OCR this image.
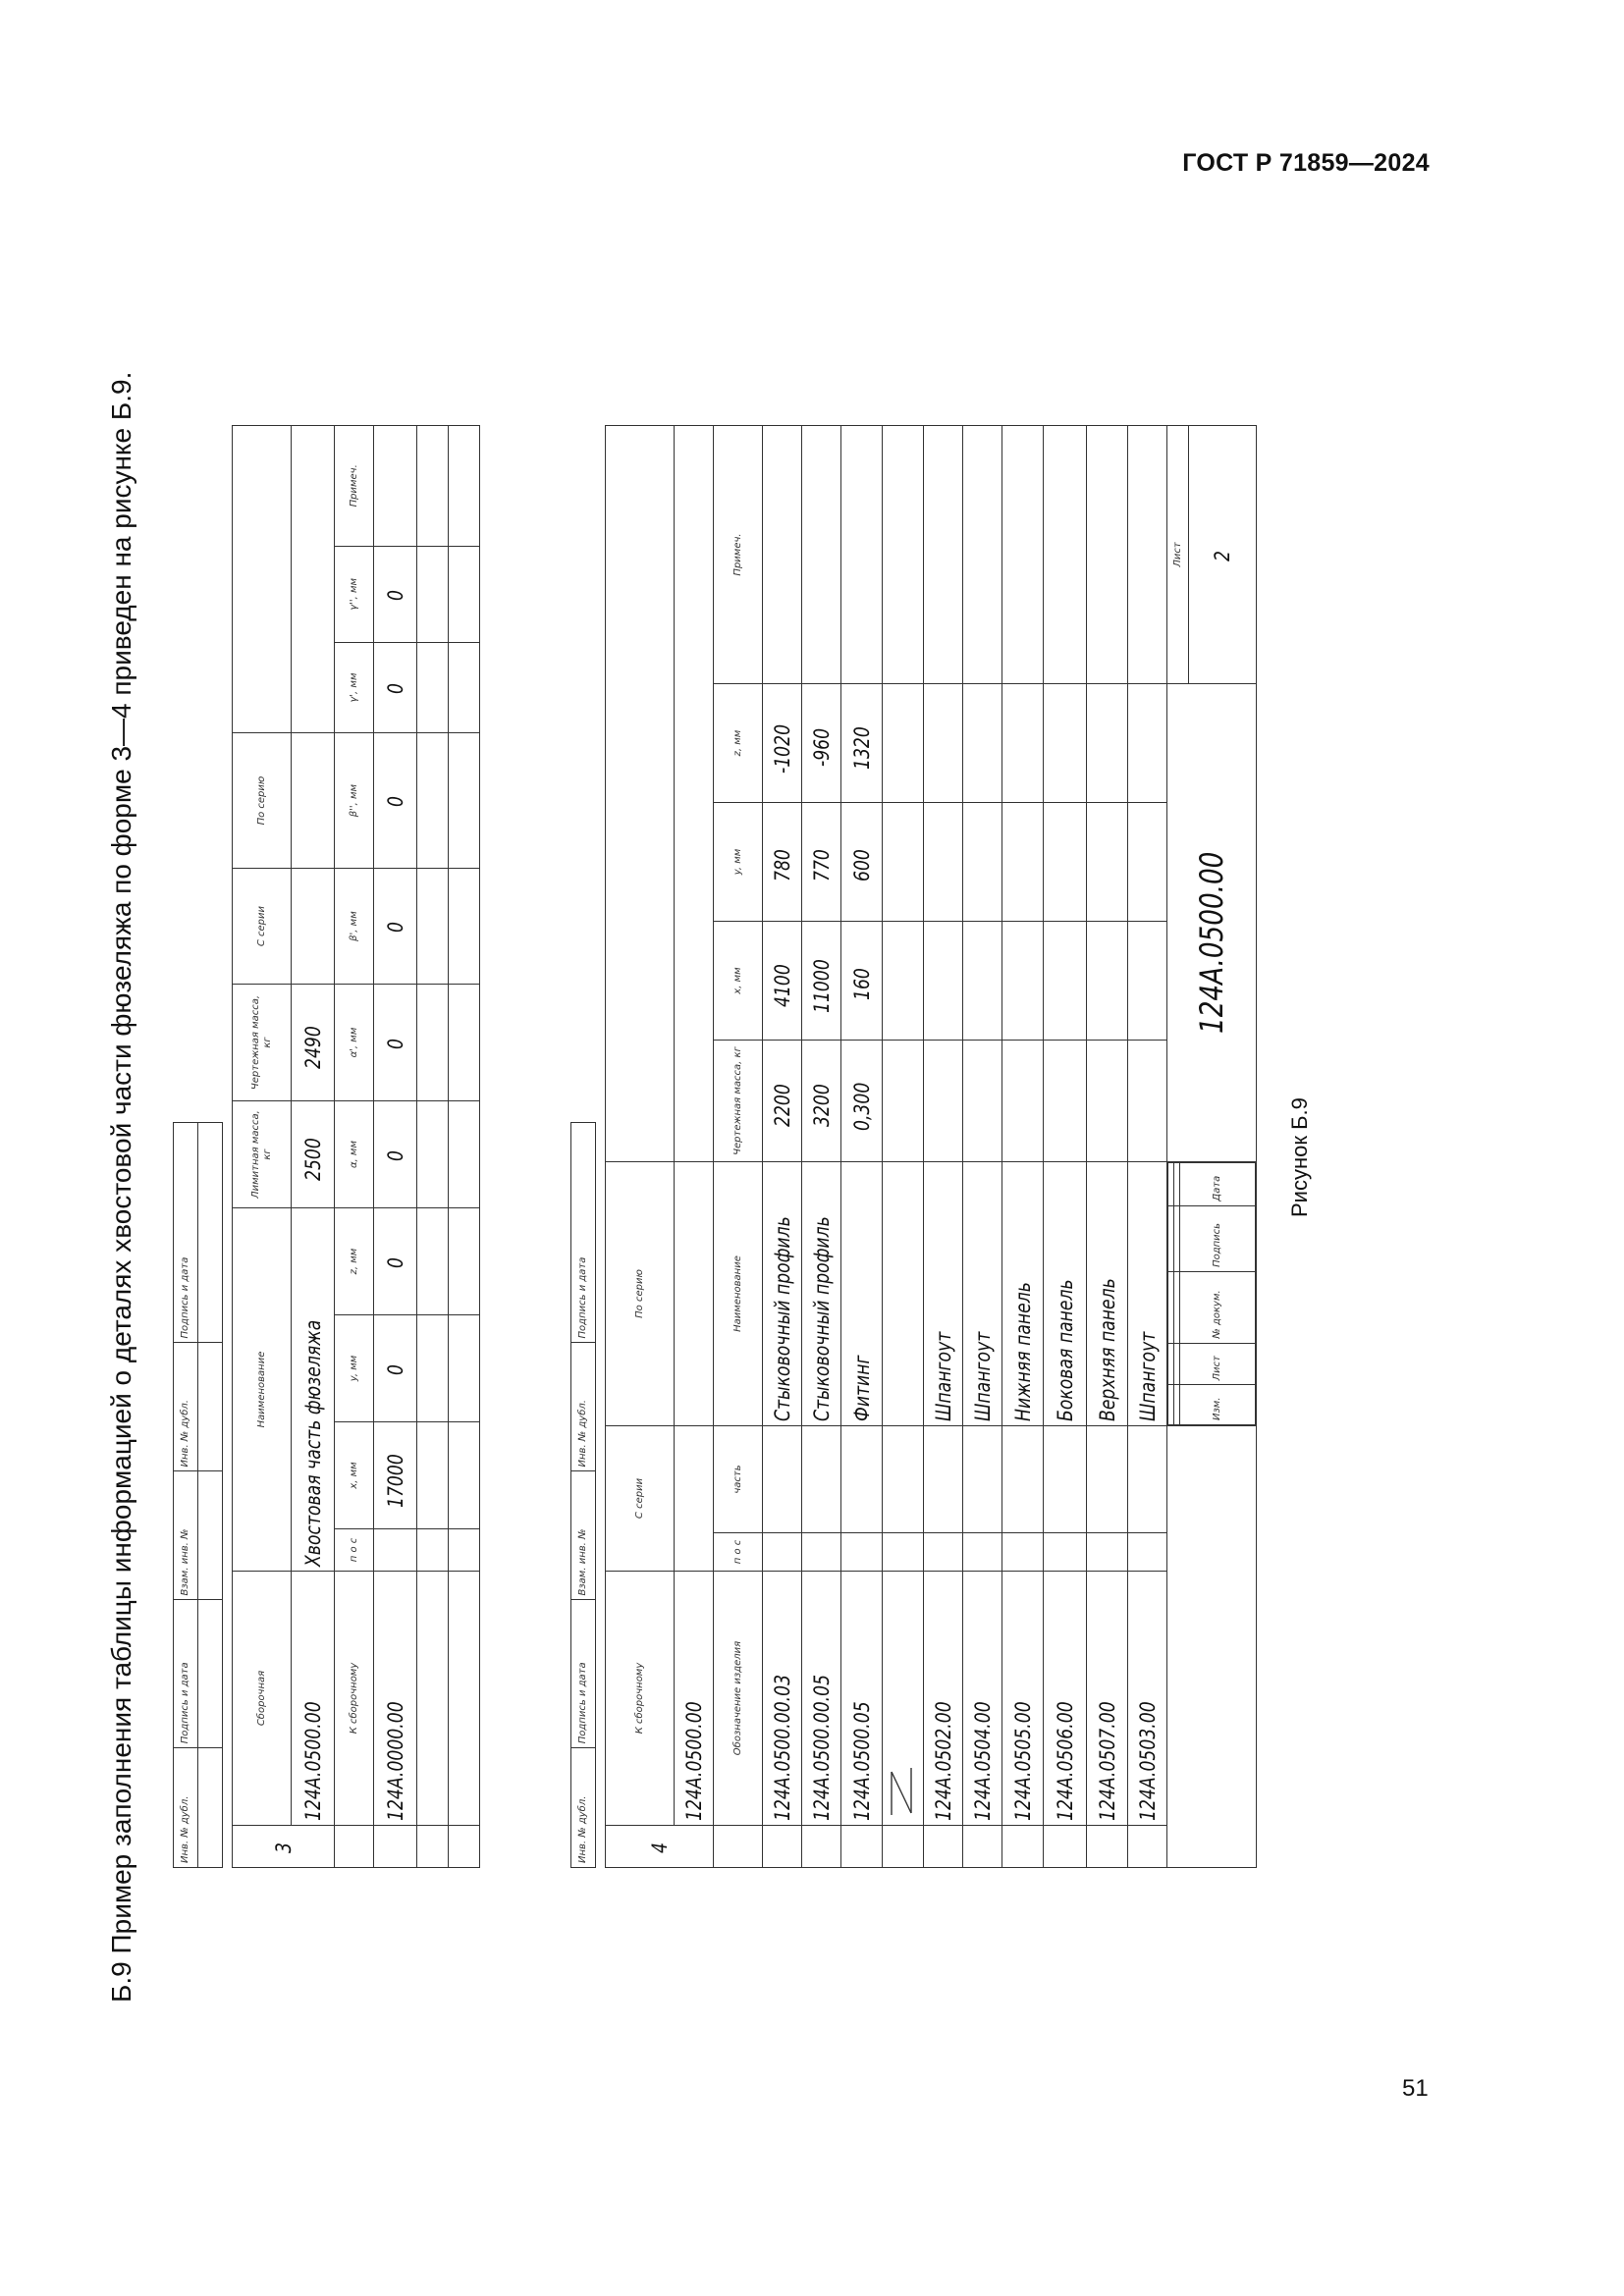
ГОСТ Р 71859—2024
Б.9 Пример заполнения таблицы информацией о деталях хвостовой части фюзеляжа по форме 3—4 приведен на рисунке Б.9.	Рисунок Б.9
51
Инв. № дубл.	Подпись и дата	Взам. инв. №	Инв. № дубл.	Подпись и дата

3	Сборочная	Наименование				Лимитная масса, кг	Чертежная масса, кг	С серии	По серию			
	124A.0500.00	Хвостовая часть фюзеляжа				2500	2490					
	К сборочному	п о с	x, мм	y, мм	z, мм	α, мм	α', мм	β', мм	β'', мм	γ', мм	γ'', мм	Примеч.
	124A.0000.00		17000	0	0	0	0	0	0	0	0	

Инв. № дубл.	Подпись и дата	Взам. инв. №	Инв. № дубл.	Подпись и дата
4	К сборочному	С серии	По серию	
124A.0500.00			
	Обозначение изделия	п о с	часть	Наименование	Чертежная масса, кг	x, мм	y, мм	z, мм	Примеч.
	124A.0500.00.03			Стыковочный профиль	2200	4100	780	-1020	
	124A.0500.00.05			Стыковочный профиль	3200	11000	770	-960	
	124A.0500.05			Фитинг	0,300	160	600	1320	

	124A.0502.00			Шпангоут					
	124A.0504.00			Шпангоут					
	124A.0505.00			Нижняя панель					
	124A.0506.00			Боковая панель					
	124A.0507.00			Верхняя панель					
	124A.0503.00			Шпангоут					

					Изм.	Лист	№ докум.	Подпись	Дата
	124A.0500.00	Лист
2
